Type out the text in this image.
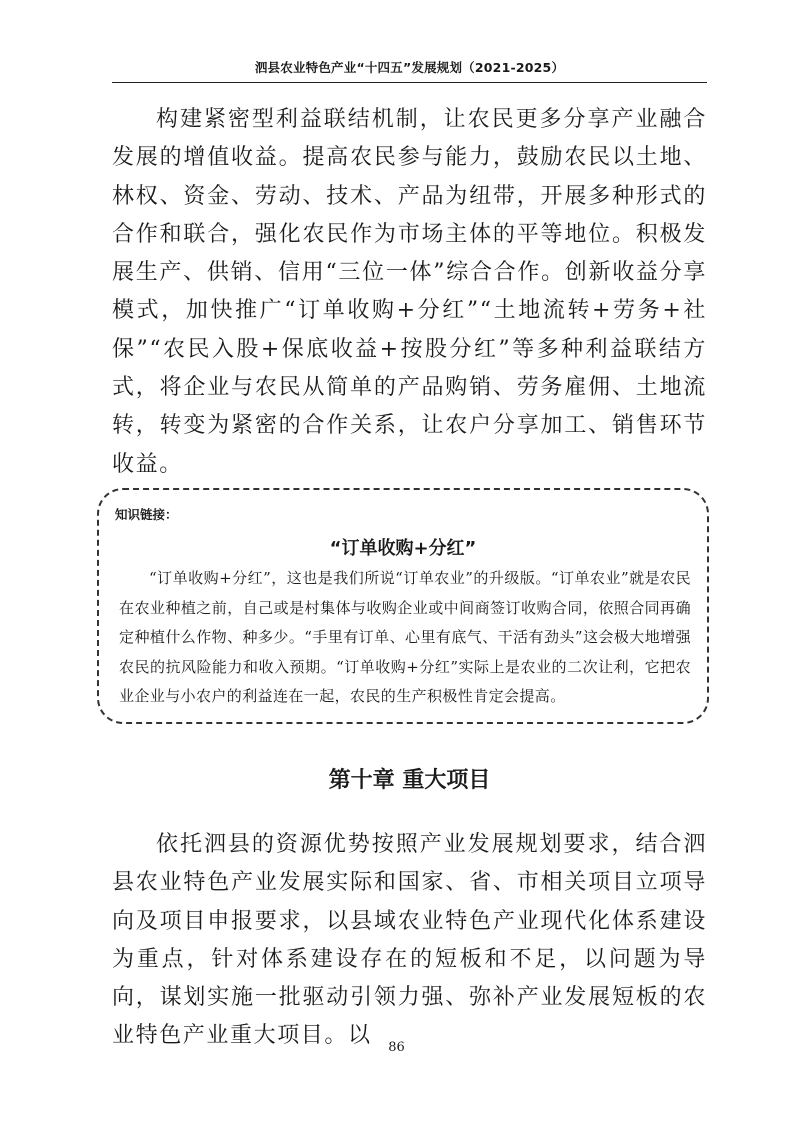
泗县农业特色产业“十四五”发展规划（2021-2025）

构建紧密型利益联结机制，让农民更多分享产业融合发展的增值收益。提高农民参与能力，鼓励农民以土地、林权、资金、劳动、技术、产品为纽带，开展多种形式的合作和联合，强化农民作为市场主体的平等地位。积极发展生产、供销、信用“三位一体”综合合作。创新收益分享模式，加快推广“订单收购+分红”“土地流转+劳务+社保”“农民入股+保底收益+按股分红”等多种利益联结方式，将企业与农民从简单的产品购销、劳务雇佣、土地流转，转变为紧密的合作关系，让农户分享加工、销售环节收益。

知识链接：
“订单收购+分红”

“订单收购+分红”，这也是我们所说“订单农业”的升级版。“订单农业”就是农民在农业种植之前，自己或是村集体与收购企业或中间商签订收购合同，依照合同再确定种植什么作物、种多少。“手里有订单、心里有底气、干活有劲头”这会极大地增强农民的抗风险能力和收入预期。“订单收购+分红”实际上是农业的二次让利，它把农业企业与小农户的利益连在一起，农民的生产积极性肯定会提高。

第十章 重大项目

依托泗县的资源优势按照产业发展规划要求，结合泗县农业特色产业发展实际和国家、省、市相关项目立项导向及项目申报要求，以县域农业特色产业现代化体系建设为重点，针对体系建设存在的短板和不足，以问题为导向，谋划实施一批驱动引领力强、弥补产业发展短板的农业特色产业重大项目。以	86
